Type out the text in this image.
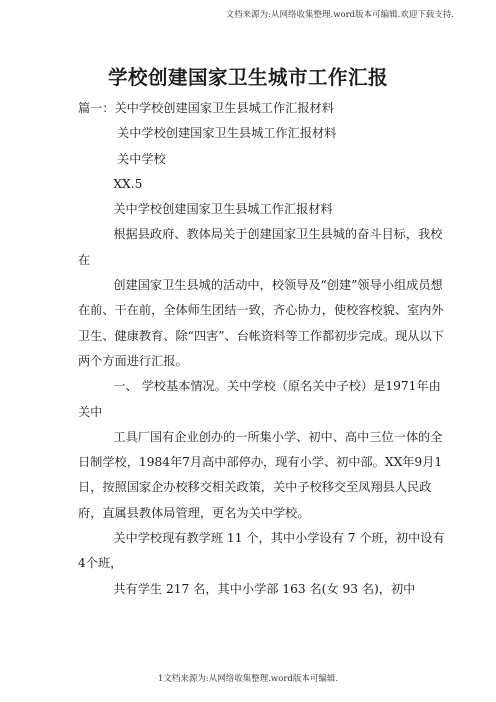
文档来源为:从网络收集整理.word版本可编辑.欢迎下载支持.
学校创建国家卫生城市工作汇报

篇一：关中学校创建国家卫生县城工作汇报材料

关中学校创建国家卫生县城工作汇报材料

关中学校

XX.5

关中学校创建国家卫生县城工作汇报材料

根据县政府、教体局关于创建国家卫生县城的奋斗目标，我校在

创建国家卫生县城的活动中，校领导及“创建”领导小组成员想在前、干在前，全体师生团结一致，齐心协力，使校容校貌、室内外卫生、健康教育、除“四害”、台帐资料等工作都初步完成。现从以下两个方面进行汇报。

一、 学校基本情况。关中学校（原名关中子校）是1971年由关中

工具厂国有企业创办的一所集小学、初中、高中三位一体的全日制学校，1984年7月高中部停办，现有小学、初中部。XX年9月1日，按照国家企办校移交相关政策，关中子校移交至凤翔县人民政府，直属县教体局管理，更名为关中学校。

关中学校现有教学班 11 个，其中小学设有 7 个班，初中设有4个班，

共有学生 217 名，其中小学部 163 名(女 93 名)，初中

1文档来源为:从网络收集整理.word版本可编辑.
